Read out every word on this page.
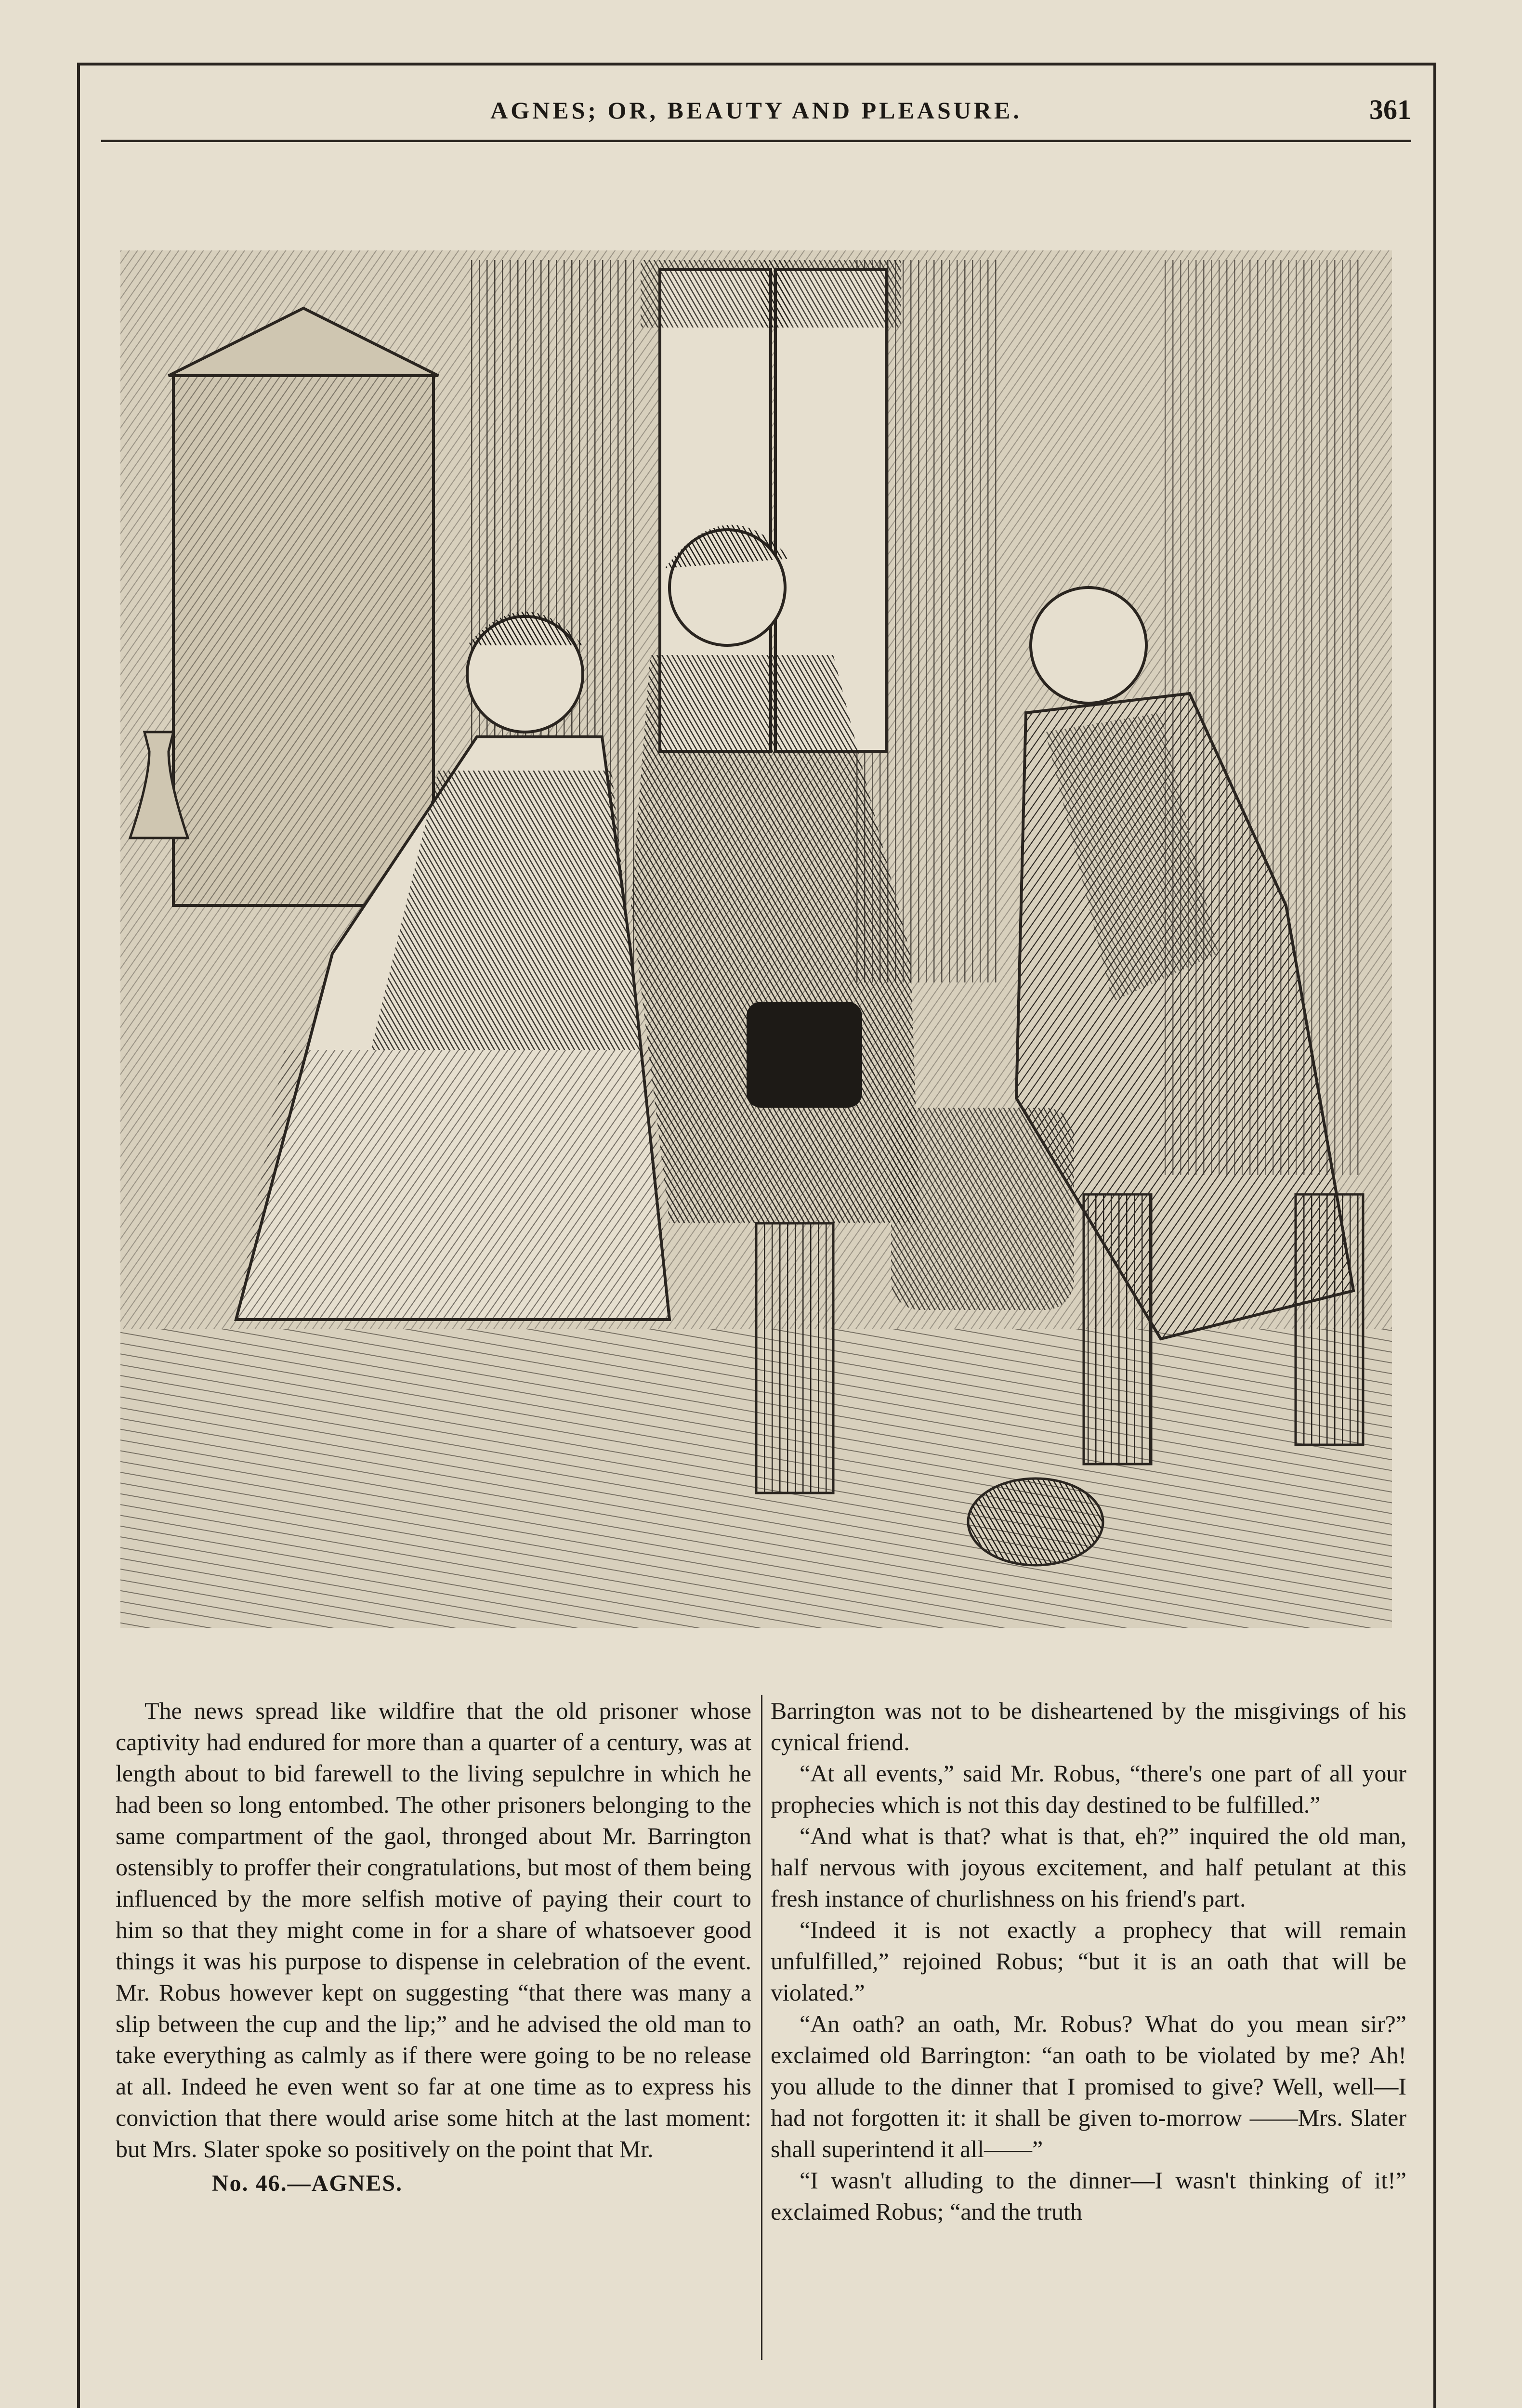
AGNES; OR, BEAUTY AND PLEASURE.	361

The news spread like wildfire that the old prisoner whose captivity had endured for more than a quarter of a century, was at length about to bid farewell to the living sepulchre in which he had been so long entombed. The other prisoners belonging to the same compartment of the gaol, thronged about Mr. Barrington ostensibly to proffer their congratulations, but most of them being influenced by the more selfish motive of paying their court to him so that they might come in for a share of whatsoever good things it was his purpose to dispense in celebration of the event. Mr. Robus however kept on suggesting “that there was many a slip between the cup and the lip;” and he advised the old man to take everything as calmly as if there were going to be no release at all. Indeed he even went so far at one time as to express his conviction that there would arise some hitch at the last moment: but Mrs. Slater spoke so positively on the point that Mr.

No. 46.—AGNES.

Barrington was not to be disheartened by the misgivings of his cynical friend.

“At all events,” said Mr. Robus, “there's one part of all your prophecies which is not this day destined to be fulfilled.”

“And what is that? what is that, eh?” inquired the old man, half nervous with joyous excitement, and half petulant at this fresh instance of churlishness on his friend's part.

“Indeed it is not exactly a prophecy that will remain unfulfilled,” rejoined Robus; “but it is an oath that will be violated.”

“An oath? an oath, Mr. Robus? What do you mean sir?” exclaimed old Barrington: “an oath to be violated by me? Ah! you allude to the dinner that I promised to give? Well, well—I had not forgotten it: it shall be given to-morrow ——Mrs. Slater shall superintend it all——”

“I wasn't alluding to the dinner—I wasn't thinking of it!” exclaimed Robus; “and the truth
